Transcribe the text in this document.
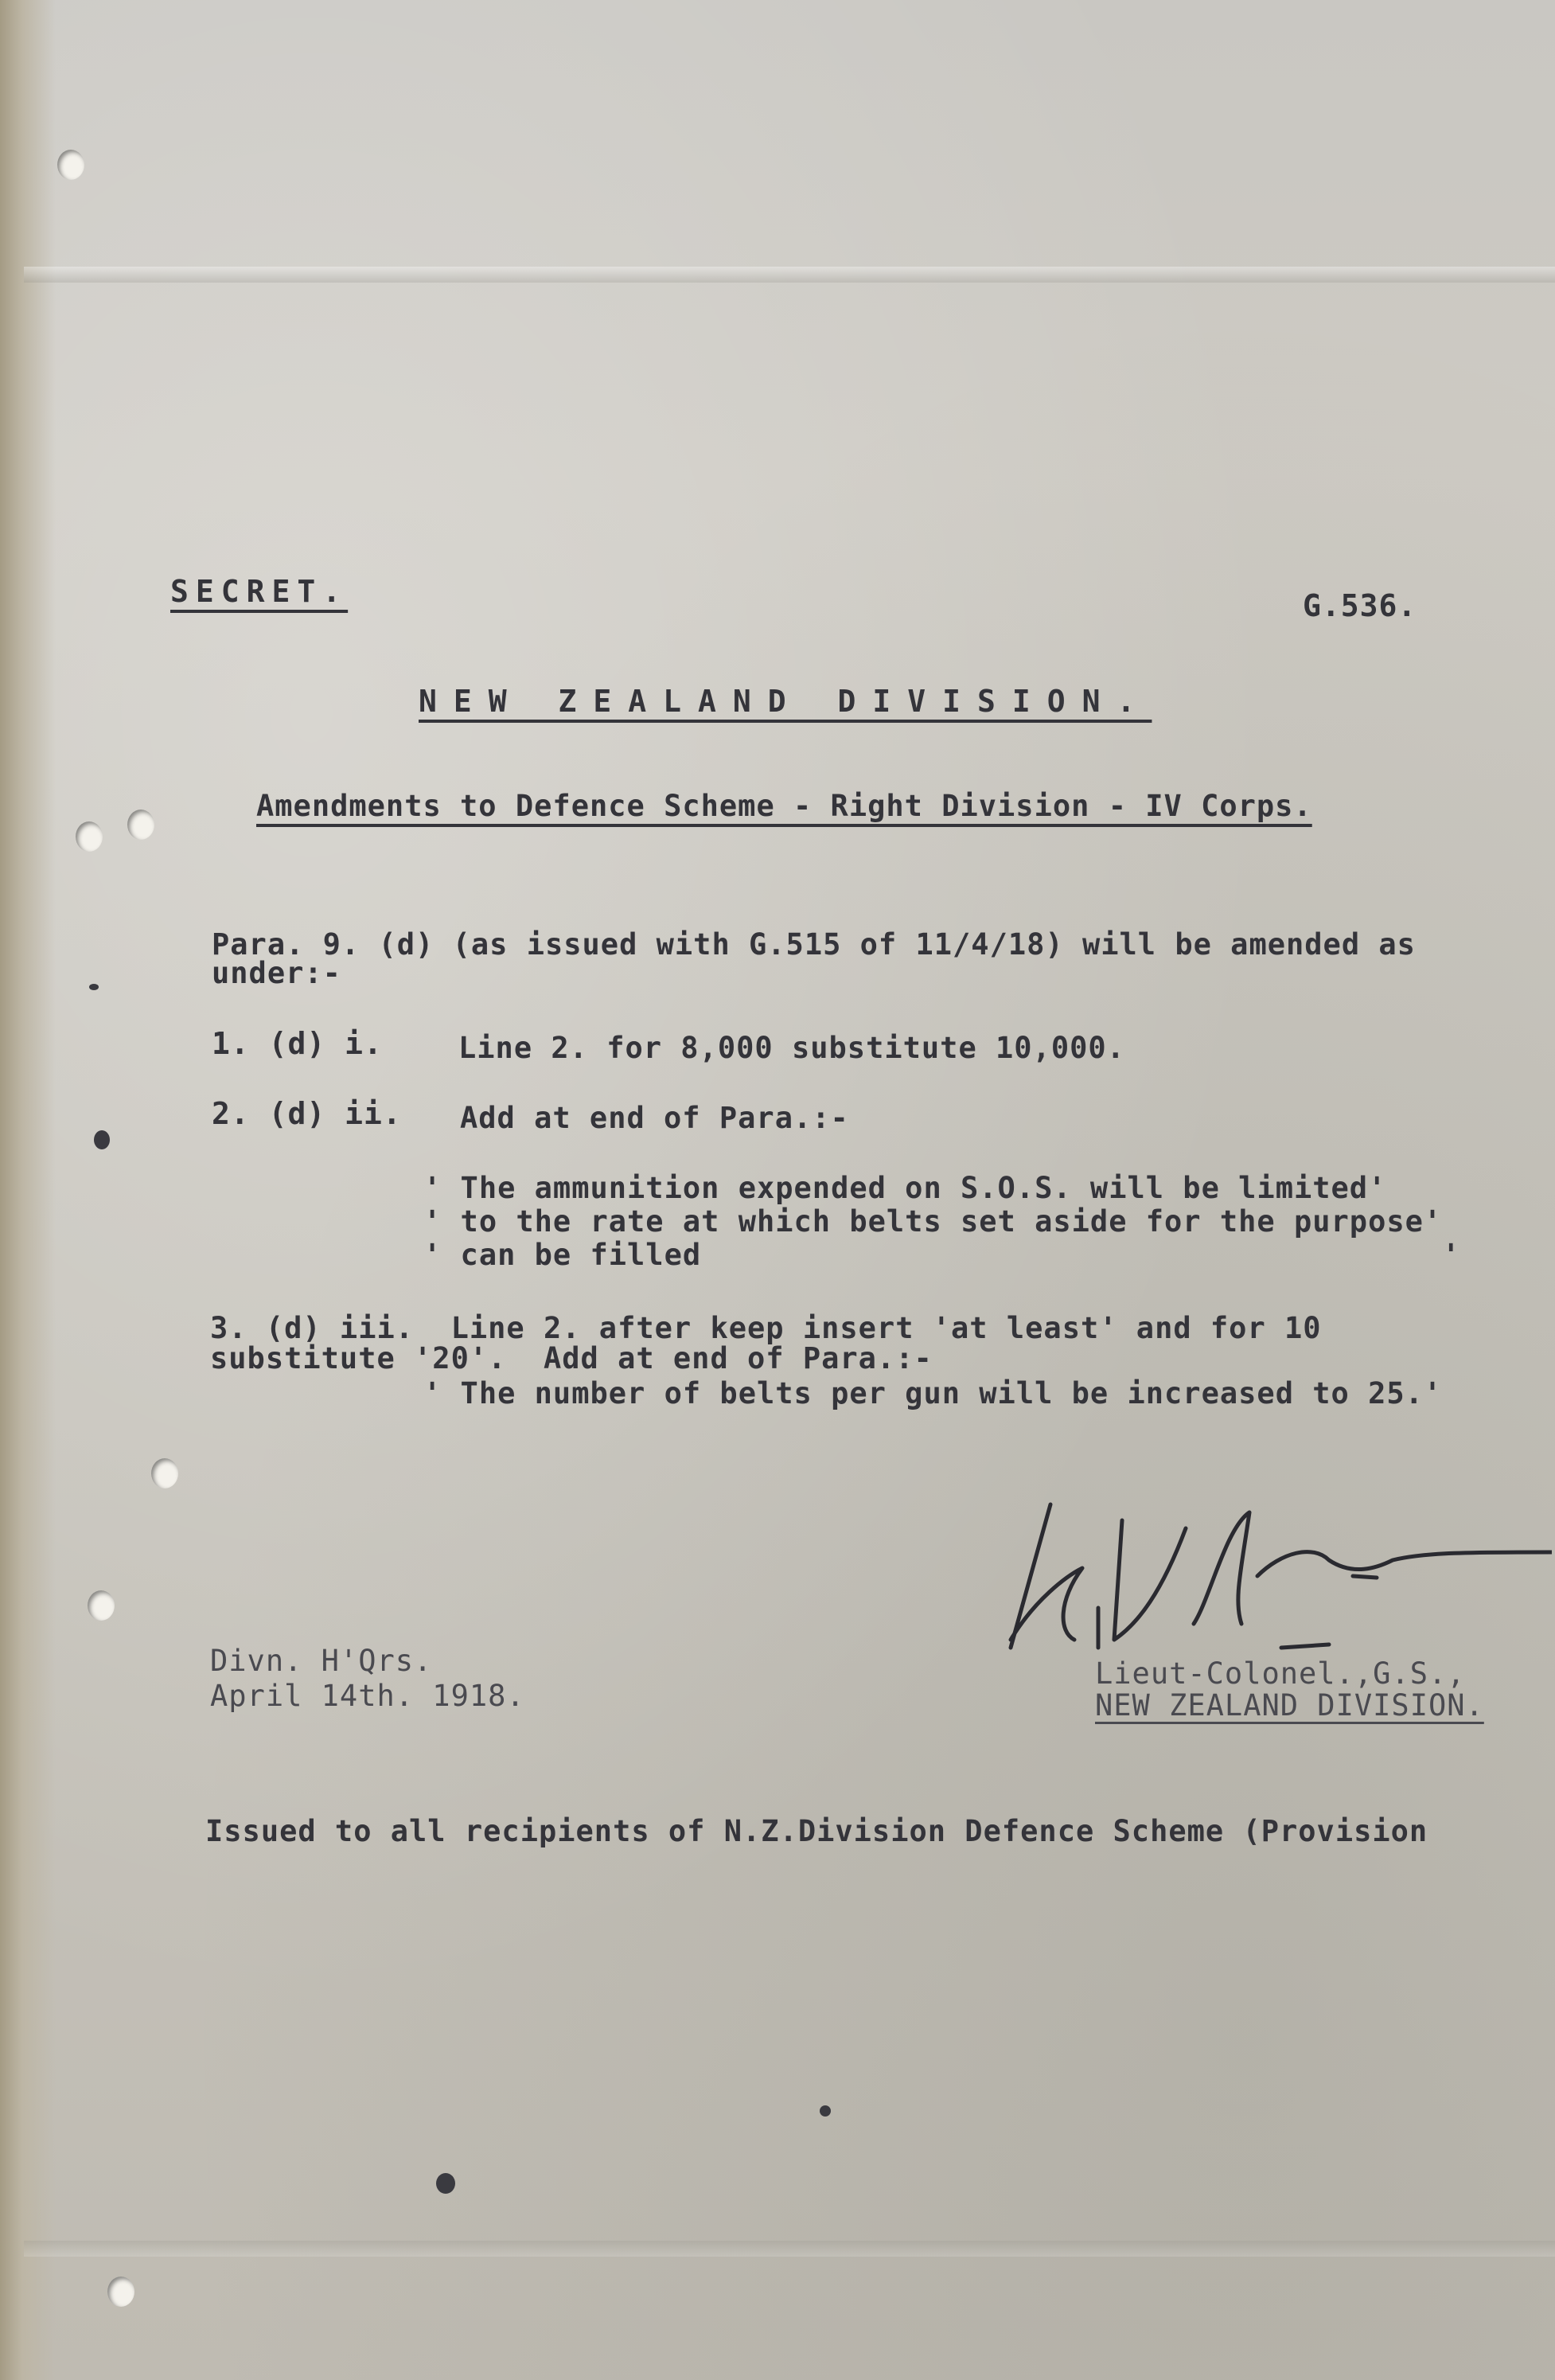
SECRET.	G.536.
NEW ZEALAND DIVISION.
Amendments to Defence Scheme - Right Division - IV Corps.
Para. 9. (d) (as issued with G.515 of 11/4/18) will be amended as
under:-
1. (d) i.	Line 2. for 8,000 substitute 10,000.
2. (d) ii. Add at end of Para.:-
' The ammunition expended on S.O.S. will be limited'
' to the rate at which belts set aside for the purpose'
' can be filled                                        '
3. (d) iii.  Line 2. after keep insert 'at least' and for 10
substitute '20'.  Add at end of Para.:-
' The number of belts per gun will be increased to 25.'
Divn. H'Qrs.
April 14th. 1918.
Lieut-Colonel.,G.S.,
NEW ZEALAND DIVISION.
Issued to all recipients of N.Z.Division Defence Scheme (Provision
